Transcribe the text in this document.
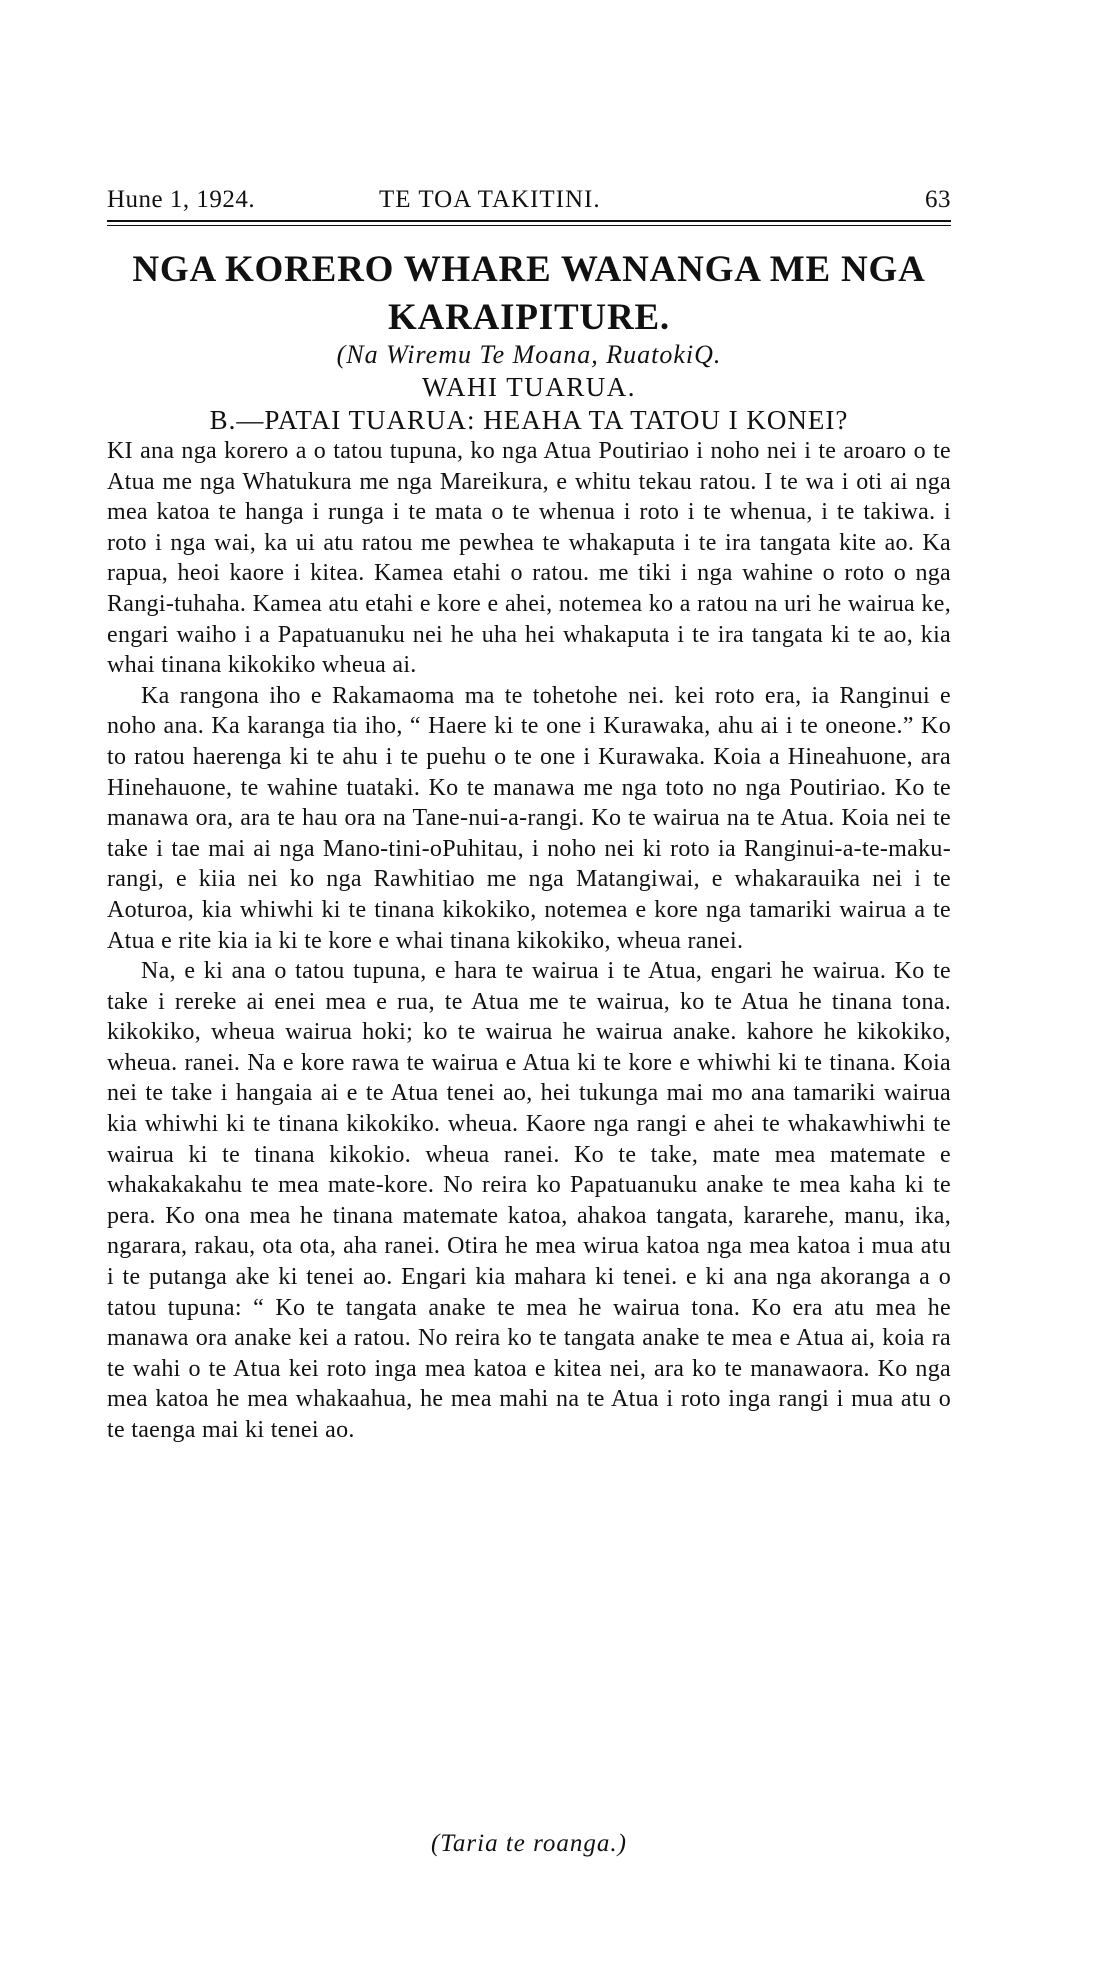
Hune 1, 1924.	TE TOA TAKITINI.	63
NGA KORERO WHARE WANANGA ME NGA KARAIPITURE.
(Na Wiremu Te Moana, RuatokiQ.
WAHI TUARUA.
B.—PATAI TUARUA: HEAHA TA TATOU I KONEI?

KI ana nga korero a o tatou tupuna, ko nga Atua Poutiriao i noho nei i te aroaro o te Atua me nga Whatukura me nga Mareikura, e whitu tekau ratou. I te wa i oti ai nga mea katoa te hanga i runga i te mata o te whenua i roto i te whenua, i te takiwa. i roto i nga wai, ka ui atu ratou me pewhea te whakaputa i te ira tangata kite ao. Ka rapua, heoi kaore i kitea. Kamea etahi o ratou. me tiki i nga wahine o roto o nga Rangi-tuhaha. Kamea atu etahi e kore e ahei, notemea ko a ratou na uri he wairua ke, engari waiho i a Papatuanuku nei he uha hei whakaputa i te ira tangata ki te ao, kia whai tinana kikokiko wheua ai.

Ka rangona iho e Rakamaoma ma te tohetohe nei. kei roto era, ia Ranginui e noho ana. Ka karanga tia iho, “ Haere ki te one i Kurawaka, ahu ai i te oneone.” Ko to ratou haerenga ki te ahu i te puehu o te one i Kurawaka. Koia a Hineahuone, ara Hinehauone, te wahine tuataki. Ko te manawa me nga toto no nga Poutiriao. Ko te manawa ora, ara te hau ora na Tane-nui-a-rangi. Ko te wairua na te Atua. Koia nei te take i tae mai ai nga Mano-tini-oPuhitau, i noho nei ki roto ia Ranginui-a-te-maku-rangi, e kiia nei ko nga Rawhitiao me nga Matangiwai, e whakarauika nei i te Aoturoa, kia whiwhi ki te tinana kikokiko, notemea e kore nga tamariki wairua a te Atua e rite kia ia ki te kore e whai tinana kikokiko, wheua ranei.

Na, e ki ana o tatou tupuna, e hara te wairua i te Atua, engari he wairua. Ko te take i rereke ai enei mea e rua, te Atua me te wairua, ko te Atua he tinana tona. kikokiko, wheua wairua hoki; ko te wairua he wairua anake. kahore he kikokiko, wheua. ranei. Na e kore rawa te wairua e Atua ki te kore e whiwhi ki te tinana. Koia nei te take i hangaia ai e te Atua tenei ao, hei tukunga mai mo ana tamariki wairua kia whiwhi ki te tinana kikokiko. wheua. Kaore nga rangi e ahei te whakawhiwhi te wairua ki te tinana kikokio. wheua ranei. Ko te take, mate mea matemate e whakakakahu te mea mate-kore. No reira ko Papatuanuku anake te mea kaha ki te pera. Ko ona mea he tinana matemate katoa, ahakoa tangata, kararehe, manu, ika, ngarara, rakau, ota ota, aha ranei. Otira he mea wirua katoa nga mea katoa i mua atu i te putanga ake ki tenei ao. Engari kia mahara ki tenei. e ki ana nga akoranga a o tatou tupuna: “ Ko te tangata anake te mea he wairua tona. Ko era atu mea he manawa ora anake kei a ratou. No reira ko te tangata anake te mea e Atua ai, koia ra te wahi o te Atua kei roto inga mea katoa e kitea nei, ara ko te manawaora. Ko nga mea katoa he mea whakaahua, he mea mahi na te Atua i roto inga rangi i mua atu o te taenga mai ki tenei ao.

(Taria te roanga.)
